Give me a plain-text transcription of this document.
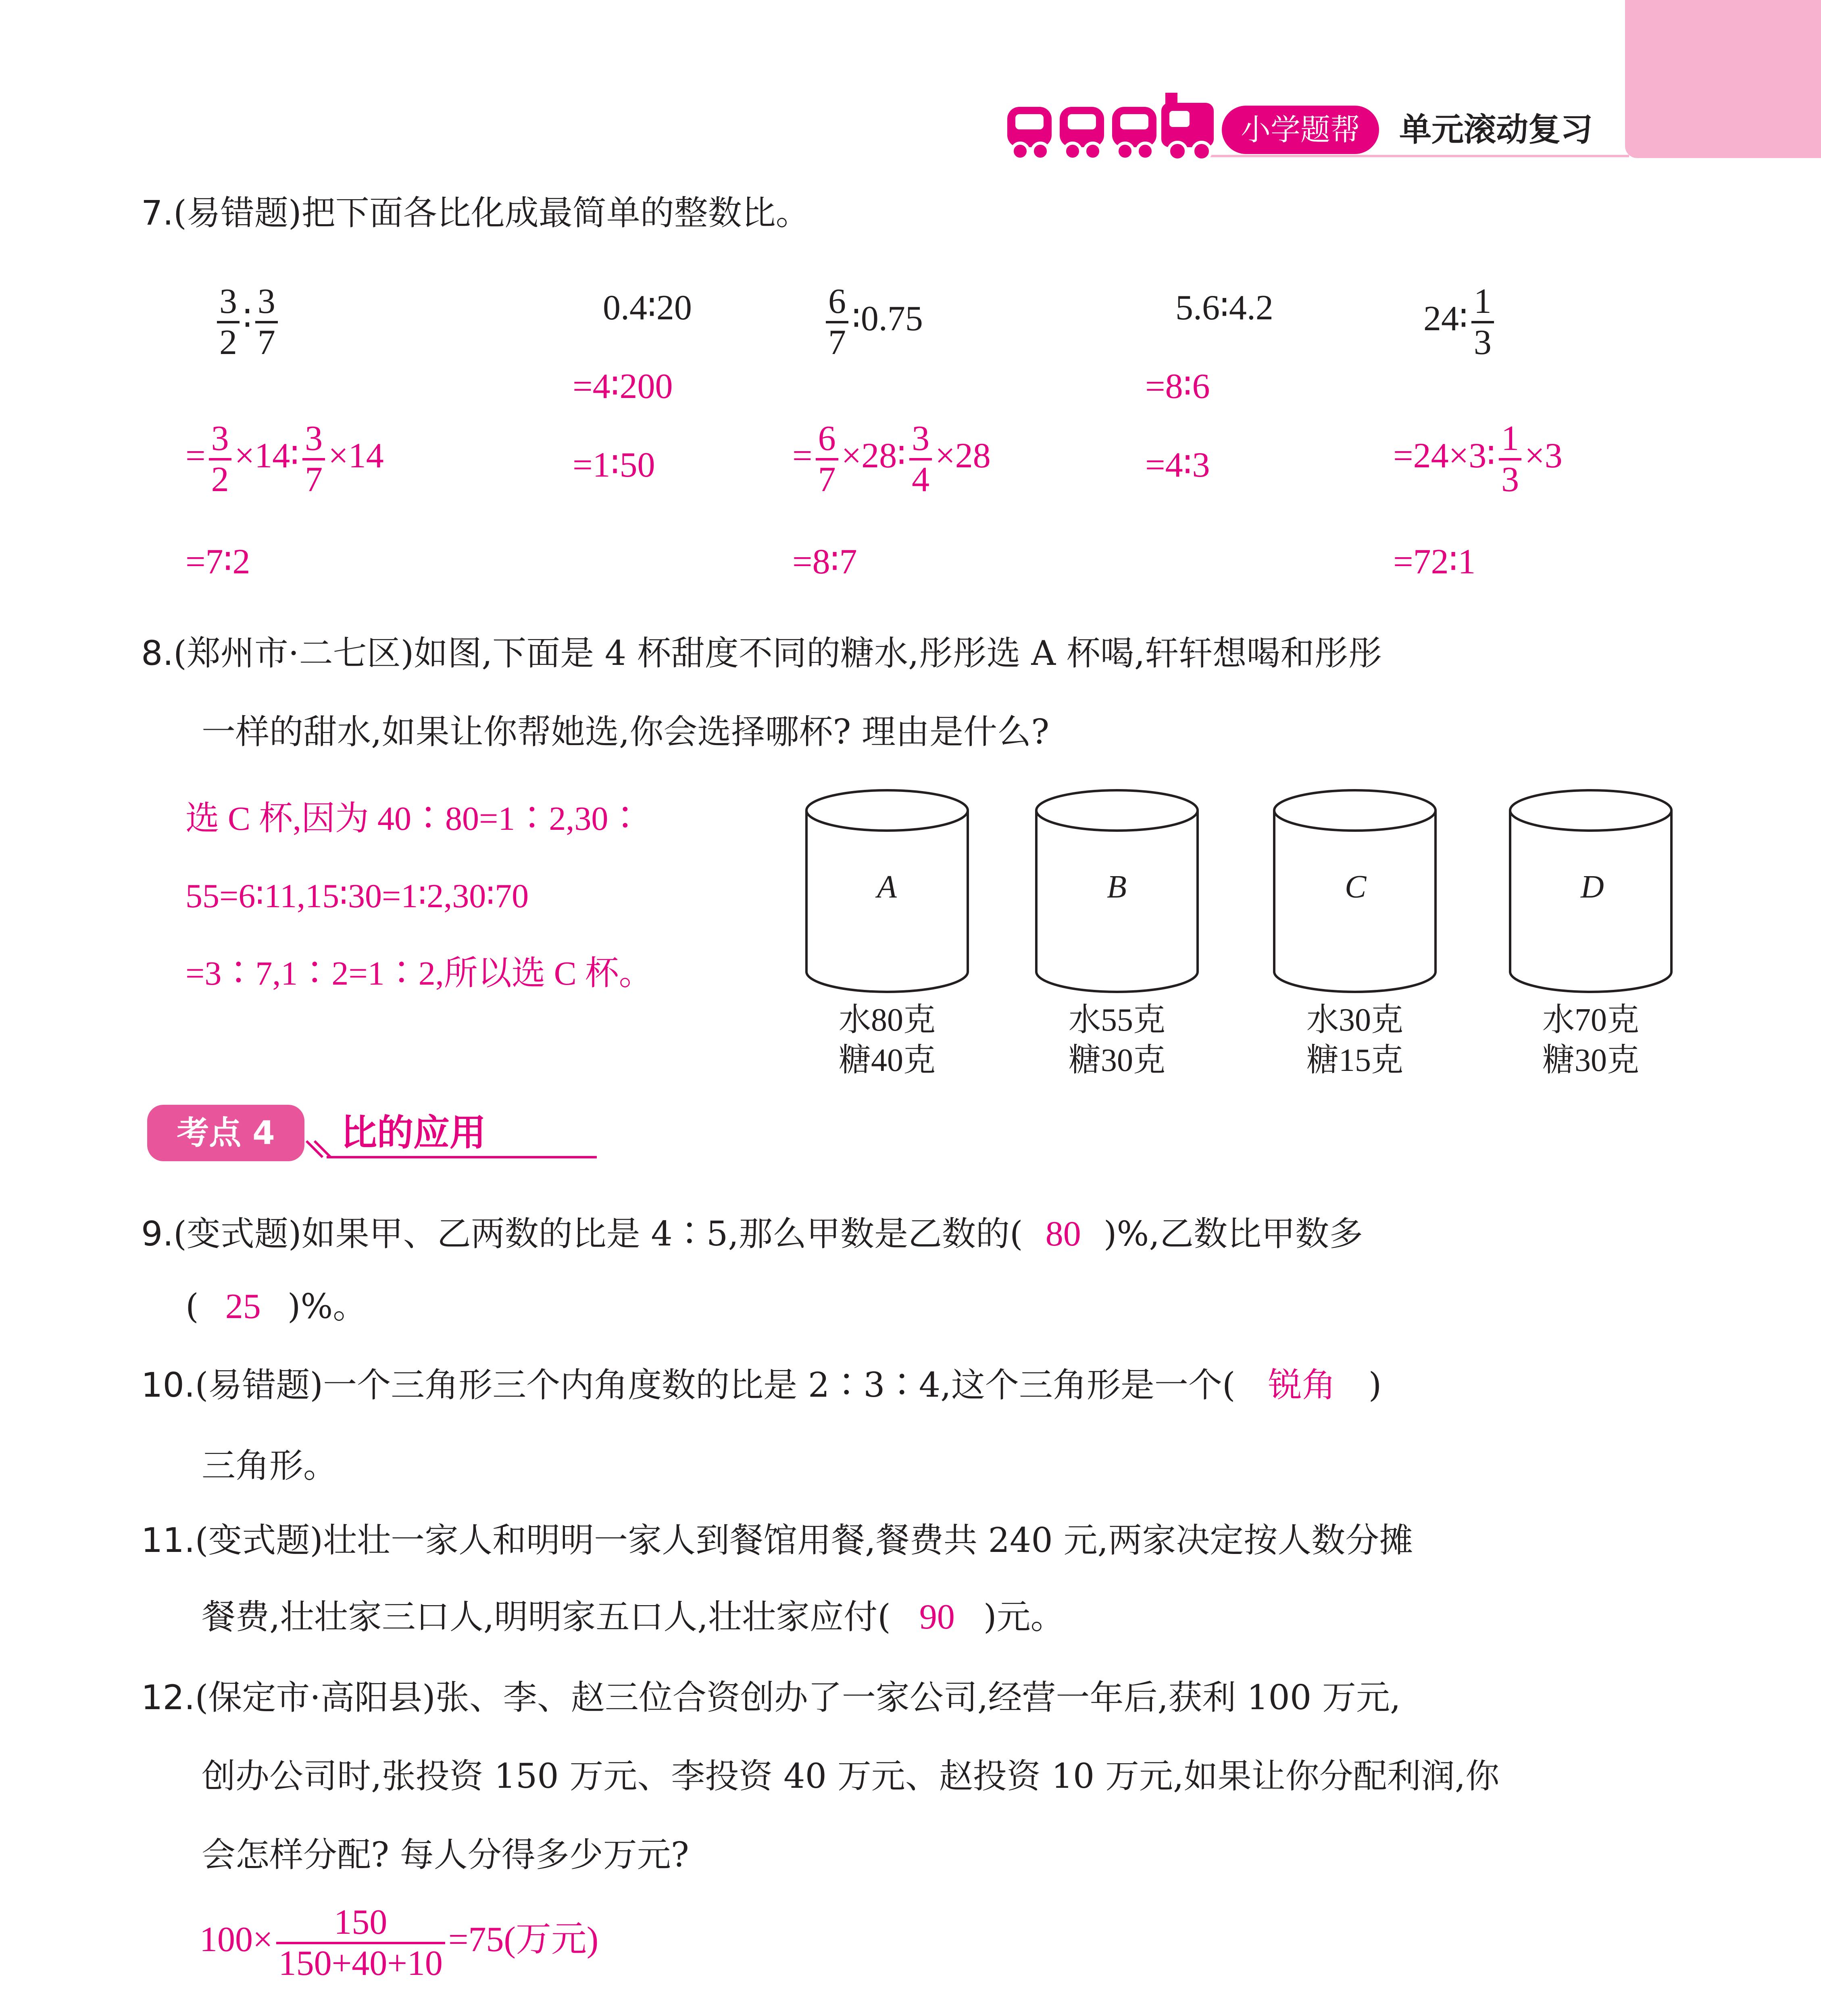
小学题帮	单元滚动复习
7.(易错题)把下面各比化成最简单的整数比。
$\frac{3}{2}$ ∶ $\frac{3}{7}$
= $\frac{3}{2}$ ×14∶ $\frac{3}{7} \times 14$
=7∶2
0.4∶20
=4∶200
=1∶50
$\frac{6}{7}$ ∶0.75
= $\frac{6}{7}$ ×28∶ $\frac{3}{4} \times 28$
=8∶7
5.6∶4.2
=8∶6
=4∶3
24∶ $\frac{1}{3}$
=24×3∶ $\frac{1}{3} \times 3$
=72∶1
8.(郑州市·二七区)如图,下面是 4 杯甜度不同的糖水,彤彤选 A 杯喝,轩轩想喝和彤彤
一样的甜水,如果让你帮她选,你会选择哪杯? 理由是什么?
选 C 杯,因为 40∶80=1∶2,30∶
55=6∶11,15∶30=1∶2,30∶70
=3∶7,1∶2=1∶2,所以选 C 杯。
A	B	C	D
水80克
糖40克
水55克
糖30克
水30克
糖15克
水70克
糖30克
考点 4	比的应用
9.(变式题)如果甲、乙两数的比是 4∶5,那么甲数是乙数的( 80 )%,乙数比甲数多
( 25 )%。
10.(易错题)一个三角形三个内角度数的比是 2∶3∶4,这个三角形是一个( 锐角 )
三角形。
11.(变式题)壮壮一家人和明明一家人到餐馆用餐,餐费共 240 元,两家决定按人数分摊
餐费,壮壮家三口人,明明家五口人,壮壮家应付( 90 )元。
12.(保定市·高阳县)张、李、赵三位合资创办了一家公司,经营一年后,获利 100 万元,
创办公司时,张投资 150 万元、李投资 40 万元、赵投资 10 万元,如果让你分配利润,你
会怎样分配? 每人分得多少万元?
$100\times \frac{150}{150+40+10} =75$(万元)
